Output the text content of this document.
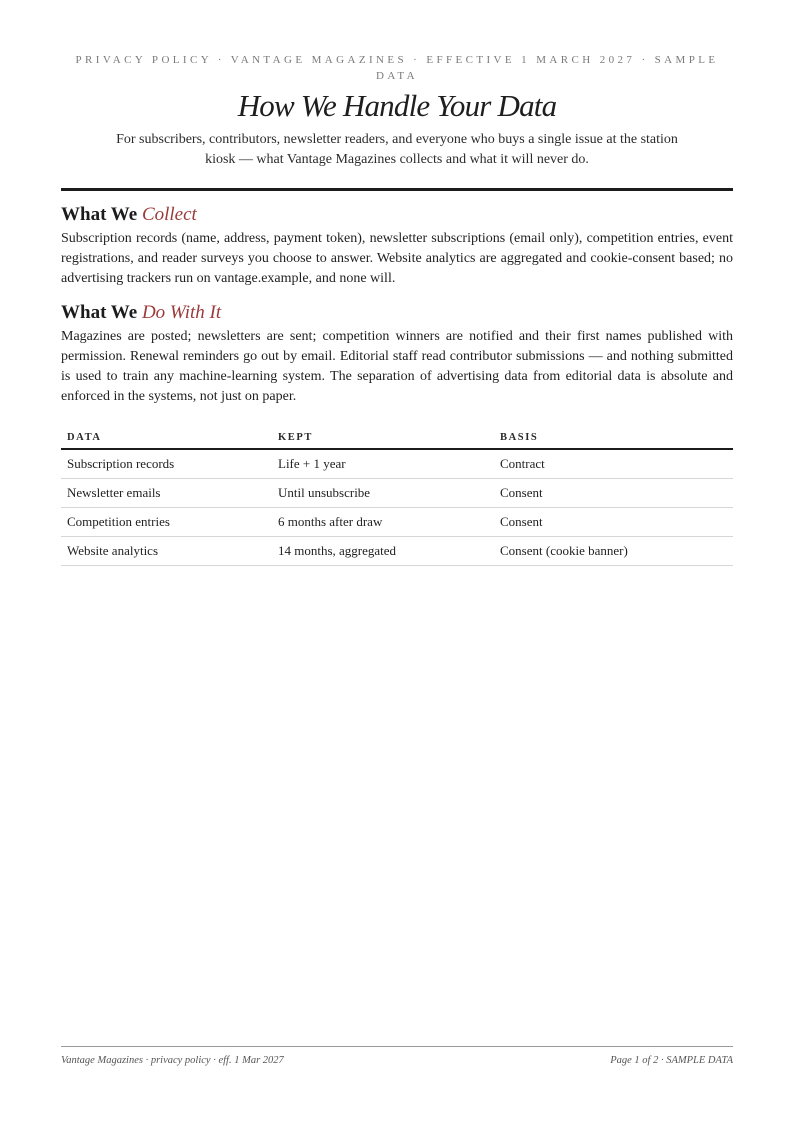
PRIVACY POLICY · VANTAGE MAGAZINES · EFFECTIVE 1 MARCH 2027 · SAMPLE DATA

How We Handle Your Data

For subscribers, contributors, newsletter readers, and everyone who buys a single issue at the station kiosk — what Vantage Magazines collects and what it will never do.

What We Collect

Subscription records (name, address, payment token), newsletter subscriptions (email only), competition entries, event registrations, and reader surveys you choose to answer. Website analytics are aggregated and cookie-consent based; no advertising trackers run on vantage.example, and none will.

What We Do With It

Magazines are posted; newsletters are sent; competition winners are notified and their first names published with permission. Renewal reminders go out by email. Editorial staff read contributor submissions — and nothing submitted is used to train any machine-learning system. The separation of advertising data from editorial data is absolute and enforced in the systems, not just on paper.

DATA	KEPT	BASIS
Subscription records	Life + 1 year	Contract
Newsletter emails	Until unsubscribe	Consent
Competition entries	6 months after draw	Consent
Website analytics	14 months, aggregated	Consent (cookie banner)
Vantage Magazines · privacy policy · eff. 1 Mar 2027	Page 1 of 2 · SAMPLE DATA
